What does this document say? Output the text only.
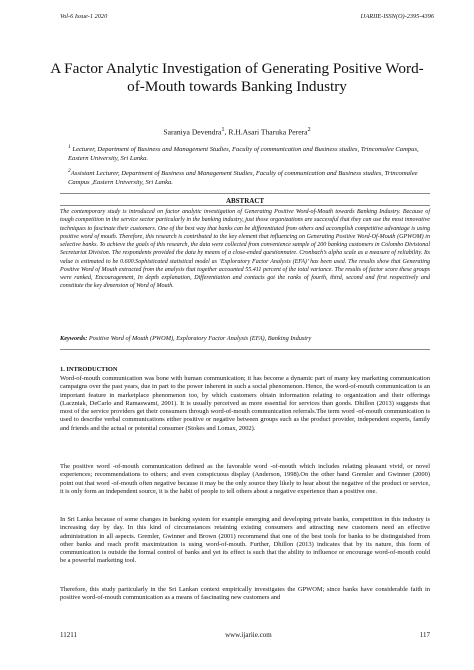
Vol-6 Issue-1 2020	IJARIIE-ISSN(O)-2395-4396
A Factor Analytic Investigation of Generating Positive Word-of-Mouth towards Banking Industry
Saraniya Devendra$^1$, R.H.Asari Tharuka Perera$^2$
$^1$ Lecturer, Department of Business and Management Studies, Faculty of communication and Business studies, Trincomalee Campus, Eastern University, Sri Lanka.
$^2$Assistant Lecturer, Department of Business and Management Studies, Faculty of communication and Business studies, Trincomalee Campus ,Eastern University, Sri Lanka.
ABSTRACT

The contemporary study is introduced on factor analytic investigation of Generating Positive Word-of-Mouth towards Banking Industry. Because of tough competition in the service sector particularly in the banking industry, just those organizations are successful that they can use the most innovative techniques to fascinate their customers. One of the best way that banks can be differentiated from others and accomplish competitive advantage is using positive word of mouth. Therefore, this research is contributed to the key element that influencing on Generating Positive Word-Of-Mouth (GPWOM) in selective banks. To achieve the goals of this research, the data were collected from convenience sample of 200 banking customers in Colombo Divisional Secretariat Division. The respondents provided the data by means of a close-ended questionnaire. Cronbach’s alpha scale as a measure of reliability. Its value is estimated to be 0.600.Sophisticated statistical model as ‘Exploratory Factor Analysis (EFA)’ has been used. The results show that Generating Positive Word of Mouth extracted from the analysis that together accounted 55.411 percent of the total variance. The results of factor score these groups were ranked, Encouragement, In depth explanation, Differentiation and contacts got the ranks of fourth, third, second and first respectively and constitute the key dimension of Word of Mouth.

Keywords: Positive Word of Mouth (PWOM), Exploratory Factor Analysis (EFA), Banking Industry
1. INTRODUCTION

Word-of-mouth communication was bone with human communication; it has become a dynamic part of many key marketing communication campaigns over the past years, due in part to the power inherent in such a social phenomenon. Hence, the word-of-mouth communication is an important feature in marketplace phenomenon too, by which customers obtain information relating to organization and their offerings (Laczniak, DeCarlo and Ramaswami, 2001). It is usually perceived as more essential for services than goods. Dhillon (2013) suggests that most of the service providers get their consumers through word-of-mouth communication referrals.The term word -of-mouth communication is used to describe verbal communications either positive or negative between groups such as the product provider, independent experts, family and friends and the actual or potential consumer (Stokes and Lomax, 2002).

The positive word -of-mouth communication defined as the favorable word -of-mouth which includes relating pleasant vivid, or novel experiences; recommendations to others; and even conspicuous display (Anderson, 1998).On the other hand Gremler and Gwinner (2000) point out that word -of-mouth often negative because it may be the only source they likely to hear about the negative of the product or service, it is only form an independent source, it is the habit of people to tell others about a negative experience than a positive one.

In Sri Lanka because of some changes in banking system for example emerging and developing private banks, competition in this industry is increasing day by day. In this kind of circumstances retaining existing consumers and attracting new customers need an effective administration in all aspects. Gremler, Gwinner and Brown (2001) recommend that one of the best tools for banks to be distinguished from other banks and reach profit maximization is using word-of-mouth. Further, Dhillon (2013) indicates that by its nature, this form of communication is outside the formal control of banks and yet its effect is such that the ability to influence or encourage word-of-mouth could be a powerful marketing tool.

Therefore, this study particularly in the Sri Lankan context empirically investigates the GPWOM; since banks have considerable faith in positive word-of-mouth communication as a means of fascinating new customers and

11211	www.ijariie.com	117
